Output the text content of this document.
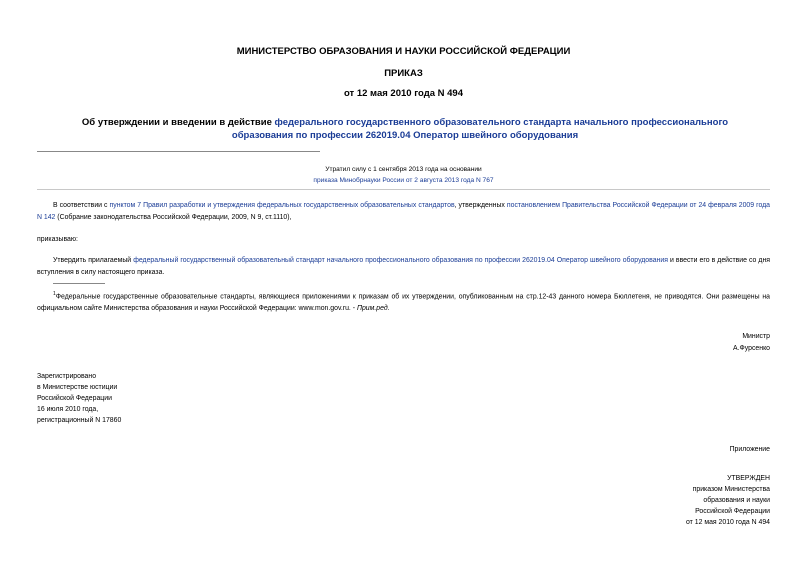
МИНИСТЕРСТВО ОБРАЗОВАНИЯ И НАУКИ РОССИЙСКОЙ ФЕДЕРАЦИИ
ПРИКАЗ
от 12 мая 2010 года N 494
Об утверждении и введении в действие федерального государственного образовательного стандарта начального профессионального образования по профессии 262019.04 Оператор швейного оборудования
Утратил силу с 1 сентября 2013 года на основании
приказа Минобрнауки России от 2 августа 2013 года N 767
В соответствии с пунктом 7 Правил разработки и утверждения федеральных государственных образовательных стандартов, утвержденных постановлением Правительства Российской Федерации от 24 февраля 2009 года N 142 (Собрание законодательства Российской Федерации, 2009, N 9, ст.1110),
приказываю:
Утвердить прилагаемый федеральный государственный образовательный стандарт начального профессионального образования по профессии 262019.04 Оператор швейного оборудования и ввести его в действие со дня вступления в силу настоящего приказа.
$^1$Федеральные государственные образовательные стандарты, являющиеся приложениями к приказам об их утверждении, опубликованным на стр.12-43 данного номера Бюллетеня, не приводятся. Они размещены на официальном сайте Министерства образования и науки Российской Федерации: www.mon.gov.ru. - Прим.ред.
Министр
А.Фурсенко
Зарегистрировано
в Министерстве юстиции
Российской Федерации
16 июля 2010 года,
регистрационный N 17860
Приложение
УТВЕРЖДЕН
приказом Министерства
образования и науки
Российской Федерации
от 12 мая 2010 года N 494
